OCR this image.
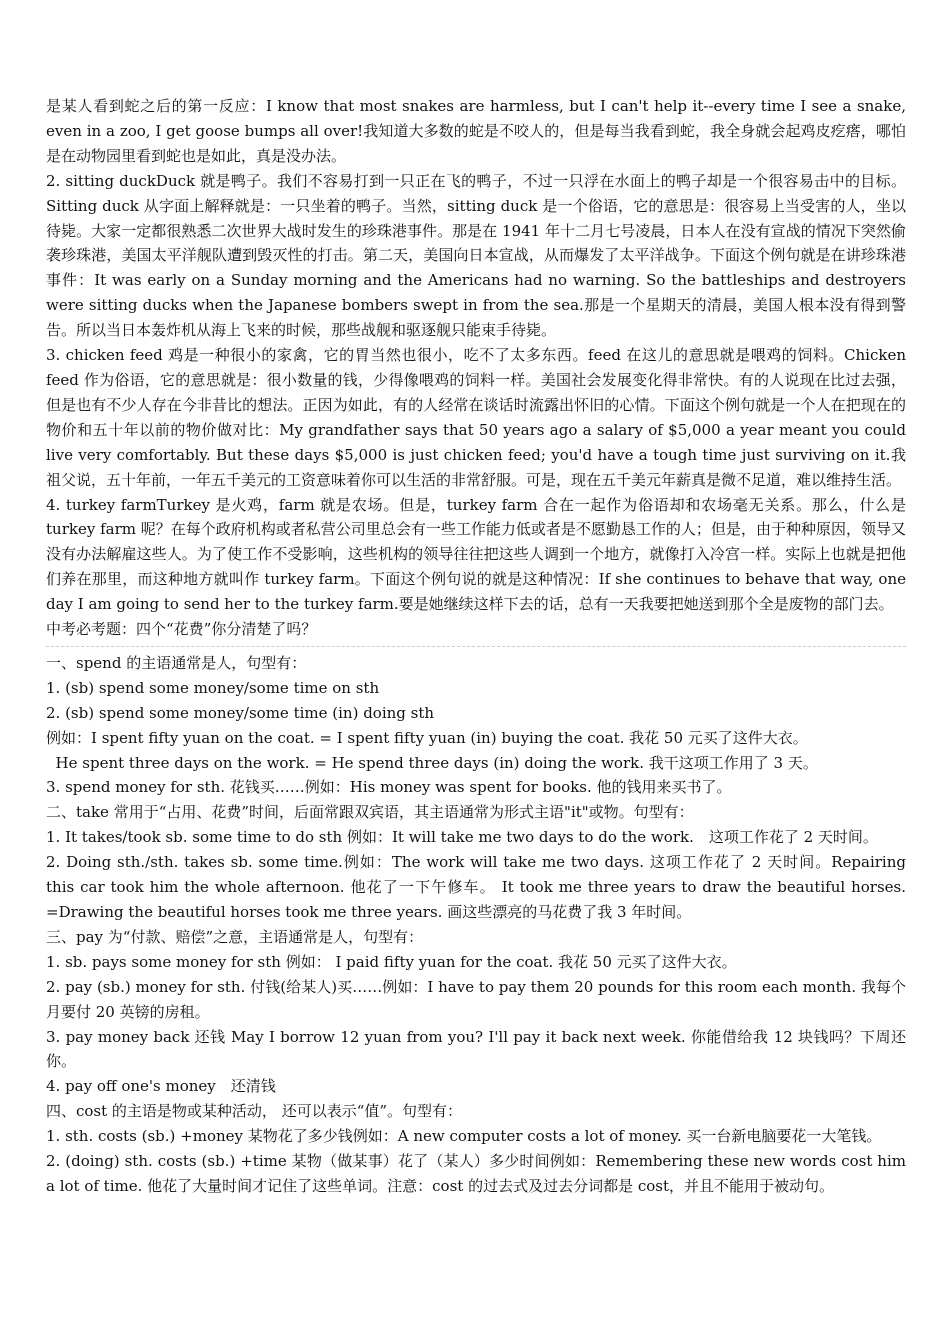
是某人看到蛇之后的第一反应：I know that most snakes are harmless, but I can't help it--every time I see a snake, even in a zoo, I get goose bumps all over!我知道大多数的蛇是不咬人的，但是每当我看到蛇，我全身就会起鸡皮疙瘩，哪怕是在动物园里看到蛇也是如此，真是没办法。

2. sitting duckDuck 就是鸭子。我们不容易打到一只正在飞的鸭子，不过一只浮在水面上的鸭子却是一个很容易击中的目标。Sitting duck 从字面上解释就是：一只坐着的鸭子。当然，sitting duck 是一个俗语，它的意思是：很容易上当受害的人，坐以待毙。大家一定都很熟悉二次世界大战时发生的珍珠港事件。那是在 1941 年十二月七号凌晨，日本人在没有宣战的情况下突然偷袭珍珠港，美国太平洋舰队遭到毁灭性的打击。第二天，美国向日本宣战，从而爆发了太平洋战争。下面这个例句就是在讲珍珠港事件：It was early on a Sunday morning and the Americans had no warning. So the battleships and destroyers were sitting ducks when the Japanese bombers swept in from the sea.那是一个星期天的清晨，美国人根本没有得到警告。所以当日本轰炸机从海上飞来的时候，那些战舰和驱逐舰只能束手待毙。

3. chicken feed 鸡是一种很小的家禽，它的胃当然也很小，吃不了太多东西。feed 在这儿的意思就是喂鸡的饲料。Chicken feed 作为俗语，它的意思就是：很小数量的钱，少得像喂鸡的饲料一样。美国社会发展变化得非常快。有的人说现在比过去强，但是也有不少人存在今非昔比的想法。正因为如此，有的人经常在谈话时流露出怀旧的心情。下面这个例句就是一个人在把现在的物价和五十年以前的物价做对比：My grandfather says that 50 years ago a salary of $5,000 a year meant you could live very comfortably. But these days $5,000 is just chicken feed; you'd have a tough time just surviving on it.我祖父说，五十年前，一年五千美元的工资意味着你可以生活的非常舒服。可是，现在五千美元年薪真是微不足道，难以维持生活。

4. turkey farmTurkey 是火鸡，farm 就是农场。但是，turkey farm 合在一起作为俗语却和农场毫无关系。那么，什么是 turkey farm 呢？在每个政府机构或者私营公司里总会有一些工作能力低或者是不愿勤恳工作的人；但是，由于种种原因，领导又没有办法解雇这些人。为了使工作不受影响，这些机构的领导往往把这些人调到一个地方，就像打入冷宫一样。实际上也就是把他们养在那里，而这种地方就叫作 turkey farm。下面这个例句说的就是这种情况：If she continues to behave that way, one day I am going to send her to the turkey farm.要是她继续这样下去的话，总有一天我要把她送到那个全是废物的部门去。

中考必考题：四个“花费”你分清楚了吗？

一、spend 的主语通常是人，句型有：

1. (sb) spend some money/some time on sth

2. (sb) spend some money/some time (in) doing sth

例如：I spent fifty yuan on the coat. = I spent fifty yuan (in) buying the coat. 我花 50 元买了这件大衣。

He spent three days on the work. = He spend three days (in) doing the work. 我干这项工作用了 3 天。

3. spend money for sth. 花钱买……例如：His money was spent for books. 他的钱用来买书了。

二、take 常用于“占用、花费”时间，后面常跟双宾语，其主语通常为形式主语"it"或物。句型有：

1. It takes/took sb. some time to do sth 例如：It will take me two days to do the work.　这项工作花了 2 天时间。

2. Doing sth./sth. takes sb. some time.例如：The work will take me two days. 这项工作花了 2 天时间。Repairing this car took him the whole afternoon. 他花了一下午修车。 It took me three years to draw the beautiful horses. =Drawing the beautiful horses took me three years. 画这些漂亮的马花费了我 3 年时间。

三、pay 为“付款、赔偿”之意，主语通常是人，句型有：

1. sb. pays some money for sth 例如： I paid fifty yuan for the coat. 我花 50 元买了这件大衣。

2. pay (sb.) money for sth. 付钱(给某人)买……例如：I have to pay them 20 pounds for this room each month. 我每个月要付 20 英镑的房租。

3. pay money back 还钱 May I borrow 12 yuan from you? I'll pay it back next week. 你能借给我 12 块钱吗？下周还你。

4. pay off one's money　还清钱

四、cost 的主语是物或某种活动， 还可以表示“值”。句型有：

1. sth. costs (sb.) +money 某物花了多少钱例如：A new computer costs a lot of money. 买一台新电脑要花一大笔钱。

2. (doing) sth. costs (sb.) +time 某物（做某事）花了（某人）多少时间例如：Remembering these new words cost him a lot of time. 他花了大量时间才记住了这些单词。注意：cost 的过去式及过去分词都是 cost，并且不能用于被动句。
